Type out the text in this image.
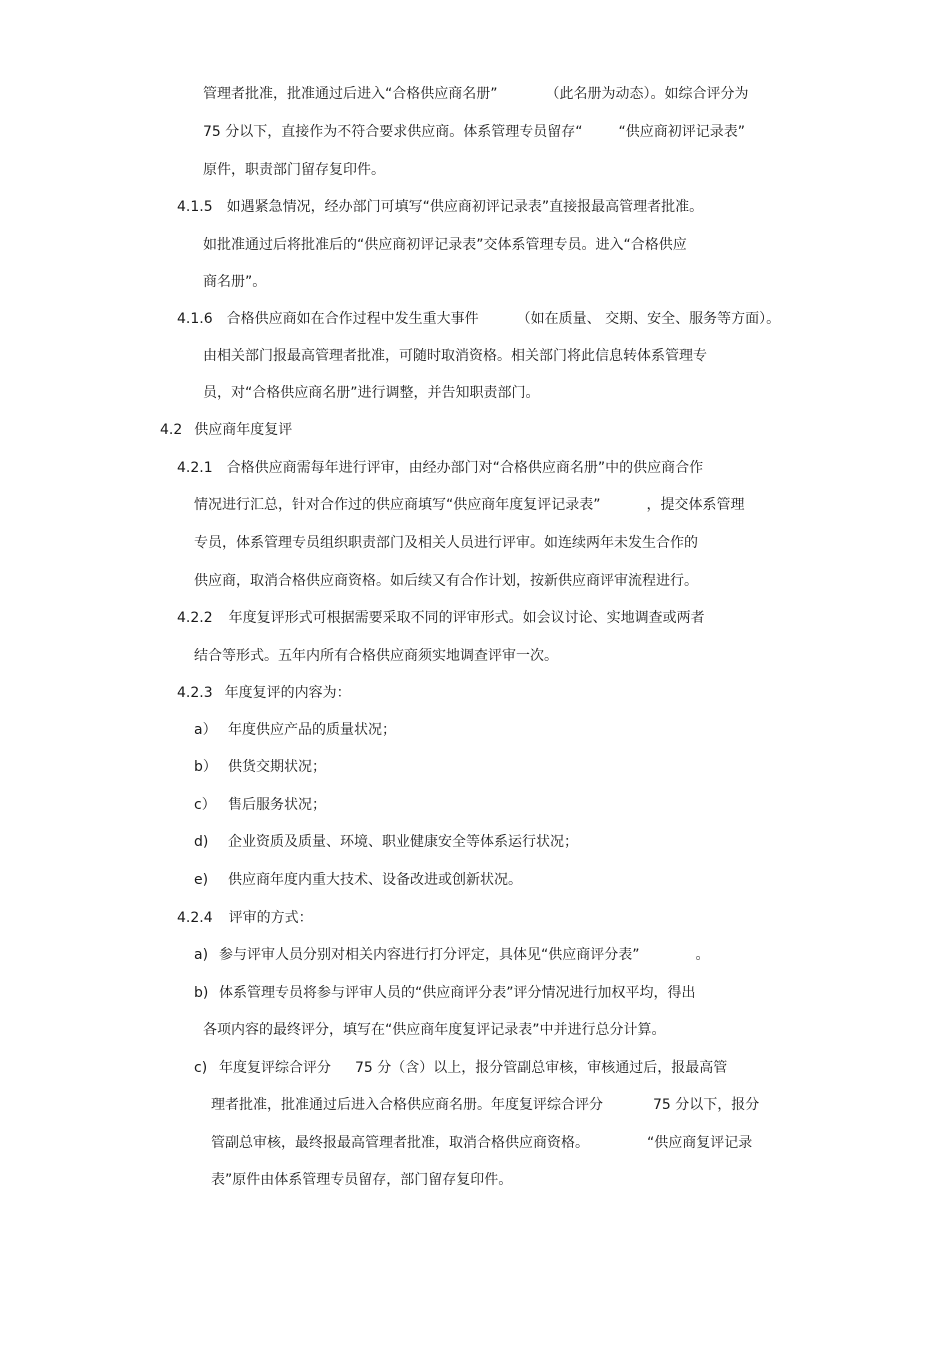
管理者批准，批准通过后进入“合格供应商名册”	（此名册为动态）。如综合评分为
75 分以下，直接作为不符合要求供应商。体系管理专员留存“	“供应商初评记录表”
原件，职责部门留存复印件。
4.1.5 如遇紧急情况，经办部门可填写“供应商初评记录表”直接报最高管理者批准。
如批准通过后将批准后的“供应商初评记录表”交体系管理专员。进入“合格供应
商名册”。
4.1.6 合格供应商如在合作过程中发生重大事件	（如在质量、 交期、安全、服务等方面）。
由相关部门报最高管理者批准，可随时取消资格。相关部门将此信息转体系管理专
员，对“合格供应商名册”进行调整，并告知职责部门。
4.2 供应商年度复评
4.2.1 合格供应商需每年进行评审，由经办部门对“合格供应商名册”中的供应商合作
情况进行汇总，针对合作过的供应商填写“供应商年度复评记录表”	，提交体系管理
专员，体系管理专员组织职责部门及相关人员进行评审。如连续两年未发生合作的
供应商，取消合格供应商资格。如后续又有合作计划，按新供应商评审流程进行。
4.2.2 年度复评形式可根据需要采取不同的评审形式。如会议讨论、实地调查或两者
结合等形式。五年内所有合格供应商须实地调查评审一次。
4.2.3 年度复评的内容为：
a） 年度供应产品的质量状况；
b） 供货交期状况；
c） 售后服务状况；
d) 企业资质及质量、环境、职业健康安全等体系运行状况；
e) 供应商年度内重大技术、设备改进或创新状况。
4.2.4 评审的方式：
a) 参与评审人员分别对相关内容进行打分评定，具体见“供应商评分表”	。
b) 体系管理专员将参与评审人员的“供应商评分表”评分情况进行加权平均，得出
各项内容的最终评分，填写在“供应商年度复评记录表”中并进行总分计算。
c) 年度复评综合评分 75 分（含）以上，报分管副总审核，审核通过后，报最高管
理者批准，批准通过后进入合格供应商名册。年度复评综合评分	75 分以下，报分
管副总审核，最终报最高管理者批准，取消合格供应商资格。	“供应商复评记录
表”原件由体系管理专员留存，部门留存复印件。
